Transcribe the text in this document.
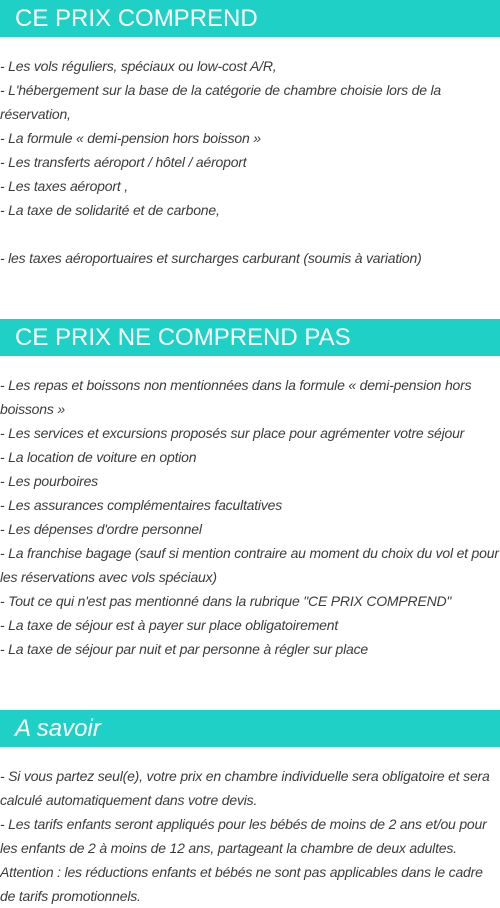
CE PRIX COMPREND
- Les vols réguliers, spéciaux ou low-cost A/R,
- L'hébergement sur la base de la catégorie de chambre choisie lors de la réservation,
- La formule « demi-pension hors boisson »
- Les transferts aéroport / hôtel / aéroport
- Les taxes aéroport ,
- La taxe de solidarité et de carbone,
- les taxes aéroportuaires et surcharges carburant (soumis à variation)
CE PRIX NE COMPREND PAS
- Les repas et boissons non mentionnées dans la formule « demi-pension hors boissons »
- Les services et excursions proposés sur place pour agrémenter votre séjour
- La location de voiture en option
- Les pourboires
- Les assurances complémentaires facultatives
- Les dépenses d'ordre personnel
- La franchise bagage (sauf si mention contraire au moment du choix du vol et pour les réservations avec vols spéciaux)
- Tout ce qui n'est pas mentionné dans la rubrique "CE PRIX COMPREND"
- La taxe de séjour est à payer sur place obligatoirement
- La taxe de séjour par nuit et par personne à régler sur place
A savoir
- Si vous partez seul(e), votre prix en chambre individuelle sera obligatoire et sera calculé automatiquement dans votre devis.
- Les tarifs enfants seront appliqués pour les bébés de moins de 2 ans et/ou pour les enfants de 2 à moins de 12 ans, partageant la chambre de deux adultes.
Attention : les réductions enfants et bébés ne sont pas applicables dans le cadre de tarifs promotionnels.
